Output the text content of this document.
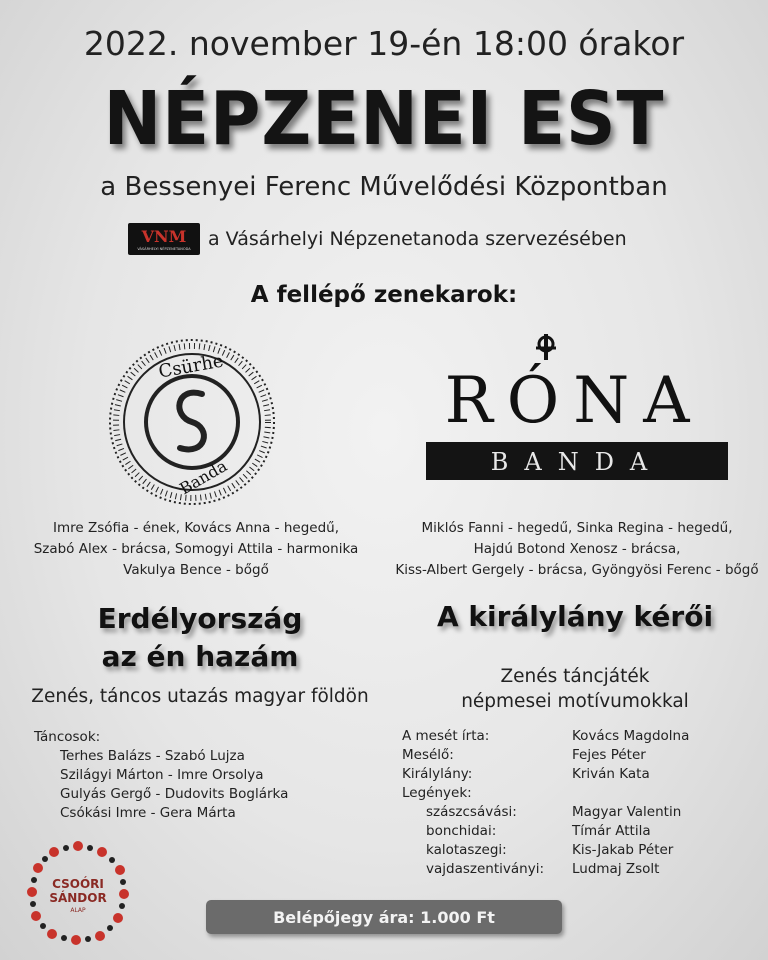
2022. november 19-én 18:00 órakor
NÉPZENEI EST
a Bessenyei Ferenc Művelődési Központban
VNM
VÁSÁRHELYI NÉPZENETANODA a Vásárhelyi Népzenetanoda szervezésében
A fellépő zenekarok:
Csürhe
Banda
RÓNA
BANDA
Imre Zsófia - ének, Kovács Anna - hegedű,
Szabó Alex - brácsa, Somogyi Attila - harmonika
Vakulya Bence - bőgő
Miklós Fanni - hegedű, Sinka Regina - hegedű,
Hajdú Botond Xenosz - brácsa,
Kiss-Albert Gergely - brácsa, Gyöngyösi Ferenc - bőgő
Erdélyország
az én hazám
Zenés, táncos utazás magyar földön
Táncosok:
Terhes Balázs - Szabó Lujza
Szilágyi Márton - Imre Orsolya
Gulyás Gergő - Dudovits Boglárka
Csókási Imre - Gera Márta
A királylány kérői
Zenés táncjáték
népmesei motívumokkal
A mesét írta:
Mesélő:
Királylány:
Legények:
szászcsávási:
bonchidai:
kalotaszegi:
vajdaszentiványi:
Kovács Magdolna
Fejes Péter
Kriván Kata
Magyar Valentin
Tímár Attila
Kis-Jakab Péter
Ludmaj Zsolt
CSOÓRI
SÁNDOR
ALAP	Belépőjegy ára: 1.000 Ft
